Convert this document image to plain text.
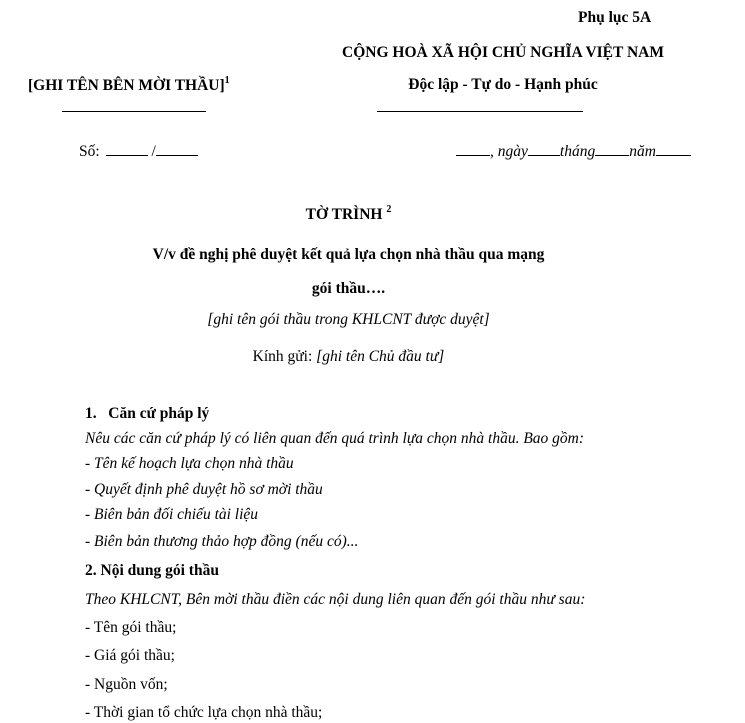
Phụ lục 5A
CỘNG HOÀ XÃ HỘI CHỦ NGHĨA VIỆT NAM
Độc lập - Tự do - Hạnh phúc
[GHI TÊN BÊN MỜI THẦU]$^1$
Số:	/	, ngày tháng năm
TỜ TRÌNH $^2$
V/v đề nghị phê duyệt kết quả lựa chọn nhà thầu qua mạng
gói thầu….
[ghi tên gói thầu trong KHLCNT được duyệt]
Kính gửi: [ghi tên Chủ đầu tư]
1. Căn cứ pháp lý
Nêu các căn cứ pháp lý có liên quan đến quá trình lựa chọn nhà thầu. Bao gồm:
- Tên kế hoạch lựa chọn nhà thầu
- Quyết định phê duyệt hồ sơ mời thầu
- Biên bản đối chiếu tài liệu
- Biên bản thương thảo hợp đồng (nếu có)...
2. Nội dung gói thầu
Theo KHLCNT, Bên mời thầu điền các nội dung liên quan đến gói thầu như sau:
- Tên gói thầu;
- Giá gói thầu;
- Nguồn vốn;
- Thời gian tổ chức lựa chọn nhà thầu;
